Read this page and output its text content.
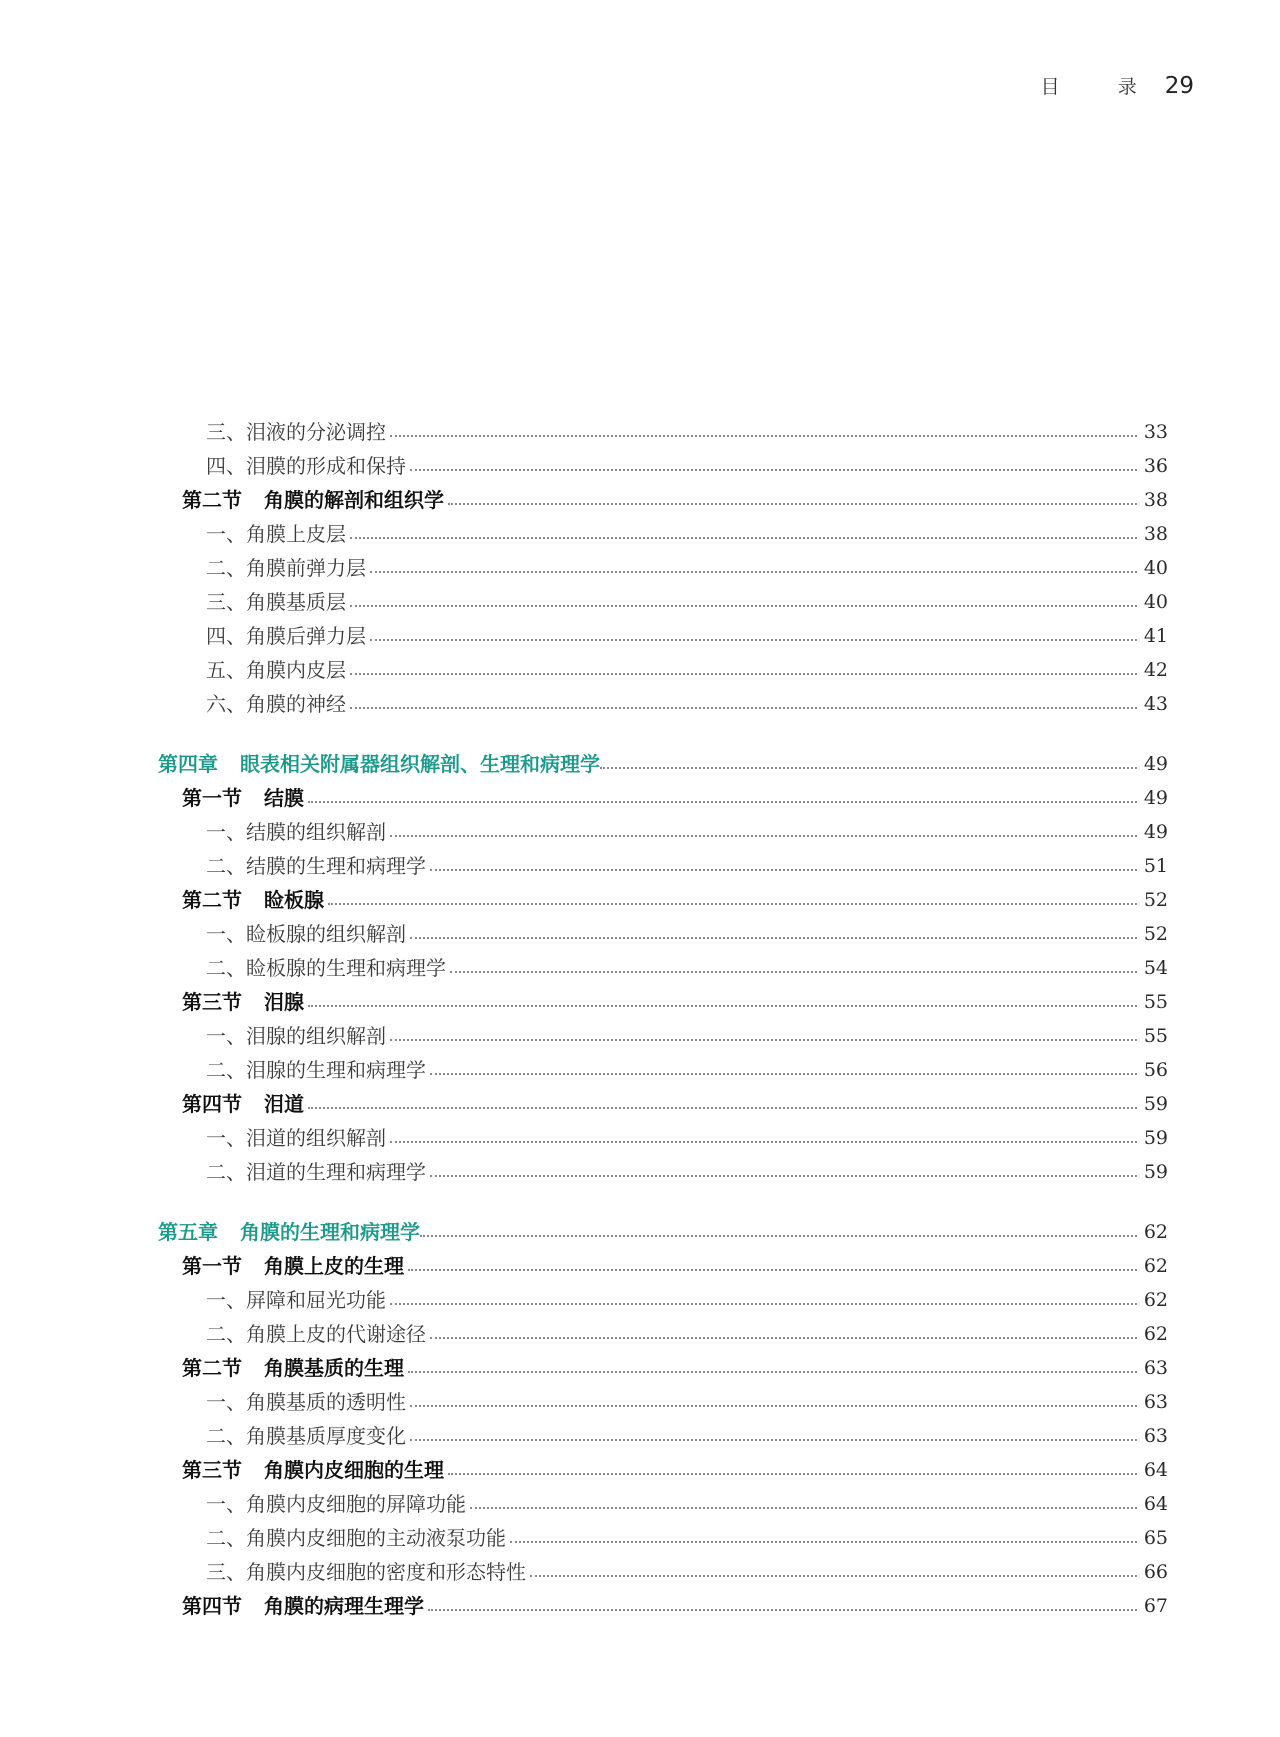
目 录 29
三、泪液的分泌调控	33
四、泪膜的形成和保持	36
第二节 角膜的解剖和组织学	38
一、角膜上皮层	38
二、角膜前弹力层	40
三、角膜基质层	40
四、角膜后弹力层	41
五、角膜内皮层	42
六、角膜的神经	43
第四章 眼表相关附属器组织解剖、生理和病理学	49
第一节 结膜	49
一、结膜的组织解剖	49
二、结膜的生理和病理学	51
第二节 睑板腺	52
一、睑板腺的组织解剖	52
二、睑板腺的生理和病理学	54
第三节 泪腺	55
一、泪腺的组织解剖	55
二、泪腺的生理和病理学	56
第四节 泪道	59
一、泪道的组织解剖	59
二、泪道的生理和病理学	59
第五章 角膜的生理和病理学	62
第一节 角膜上皮的生理	62
一、屏障和屈光功能	62
二、角膜上皮的代谢途径	62
第二节 角膜基质的生理	63
一、角膜基质的透明性	63
二、角膜基质厚度变化	63
第三节 角膜内皮细胞的生理	64
一、角膜内皮细胞的屏障功能	64
二、角膜内皮细胞的主动液泵功能	65
三、角膜内皮细胞的密度和形态特性	66
第四节 角膜的病理生理学	67
